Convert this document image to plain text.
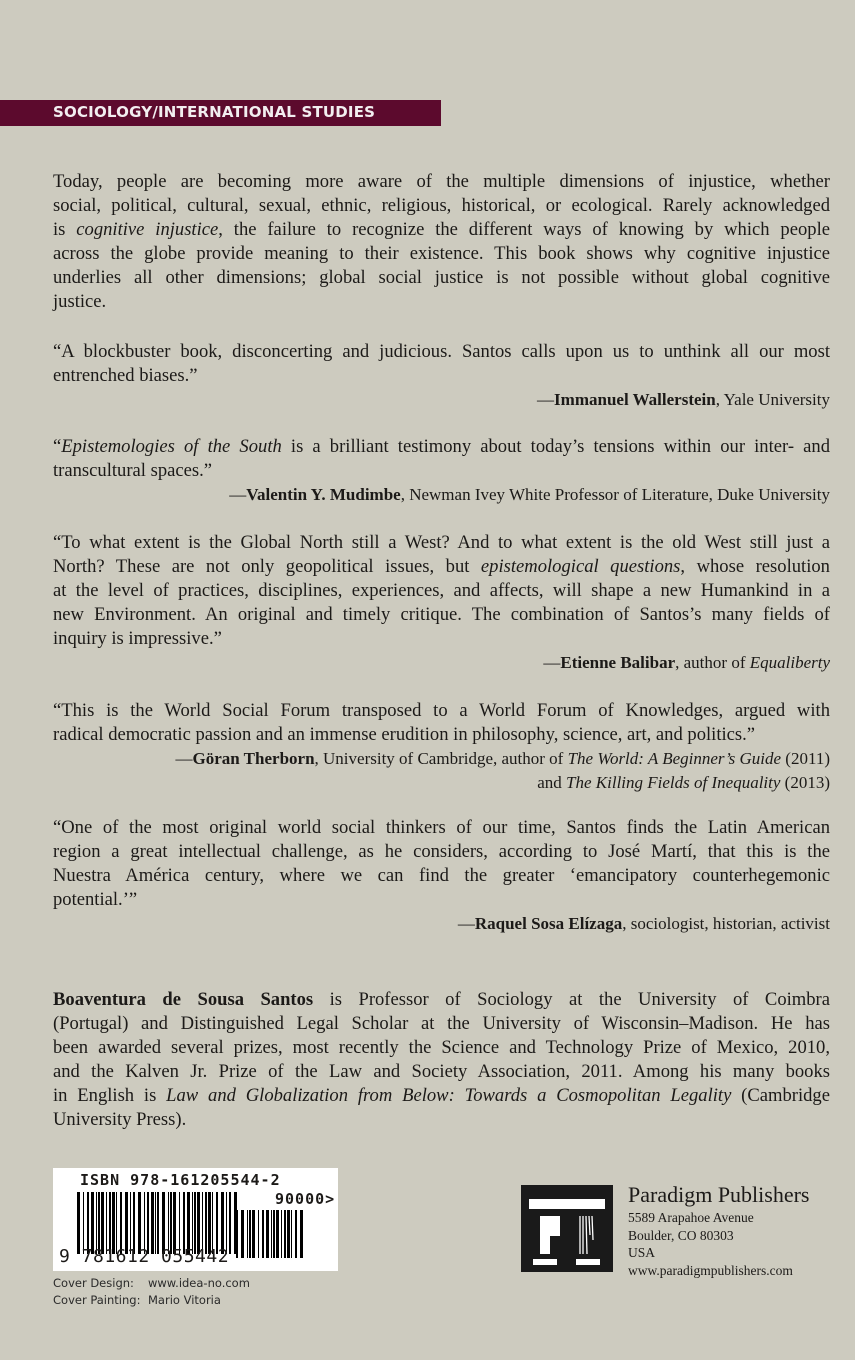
SOCIOLOGY/INTERNATIONAL STUDIES
Today, people are becoming more aware of the multiple dimensions of injustice, whether
social, political, cultural, sexual, ethnic, religious, historical, or ecological. Rarely acknowledged
is cognitive injustice, the failure to recognize the different ways of knowing by which people
across the globe provide meaning to their existence. This book shows why cognitive injustice
underlies all other dimensions; global social justice is not possible without global cognitive
justice.
“A blockbuster book, disconcerting and judicious. Santos calls upon us to unthink all our most
entrenched biases.”
—Immanuel Wallerstein, Yale University
“Epistemologies of the South is a brilliant testimony about today’s tensions within our inter- and
transcultural spaces.”
—Valentin Y. Mudimbe, Newman Ivey White Professor of Literature, Duke University
“To what extent is the Global North still a West? And to what extent is the old West still just a
North? These are not only geopolitical issues, but epistemological questions, whose resolution
at the level of practices, disciplines, experiences, and affects, will shape a new Humankind in a
new Environment. An original and timely critique. The combination of Santos’s many fields of
inquiry is impressive.”
—Etienne Balibar, author of Equaliberty
“This is the World Social Forum transposed to a World Forum of Knowledges, argued with
radical democratic passion and an immense erudition in philosophy, science, art, and politics.”
—Göran Therborn, University of Cambridge, author of The World: A Beginner’s Guide (2011)
and The Killing Fields of Inequality (2013)
“One of the most original world social thinkers of our time, Santos finds the Latin American
region a great intellectual challenge, as he considers, according to José Martí, that this is the
Nuestra América century, where we can find the greater ‘emancipatory counterhegemonic
potential.’”
—Raquel Sosa Elízaga, sociologist, historian, activist
Boaventura de Sousa Santos is Professor of Sociology at the University of Coimbra
(Portugal) and Distinguished Legal Scholar at the University of Wisconsin–Madison. He has
been awarded several prizes, most recently the Science and Technology Prize of Mexico, 2010,
and the Kalven Jr. Prize of the Law and Society Association, 2011. Among his many books
in English is Law and Globalization from Below: Towards a Cosmopolitan Legality (Cambridge
University Press).
ISBN 978-161205544-2
90000>
9 781612 055442
Cover Design: www.idea-no.com
Cover Painting: Mario Vitoria
Paradigm Publishers
5589 Arapahoe Avenue
Boulder, CO 80303
USA
www.paradigmpublishers.com
